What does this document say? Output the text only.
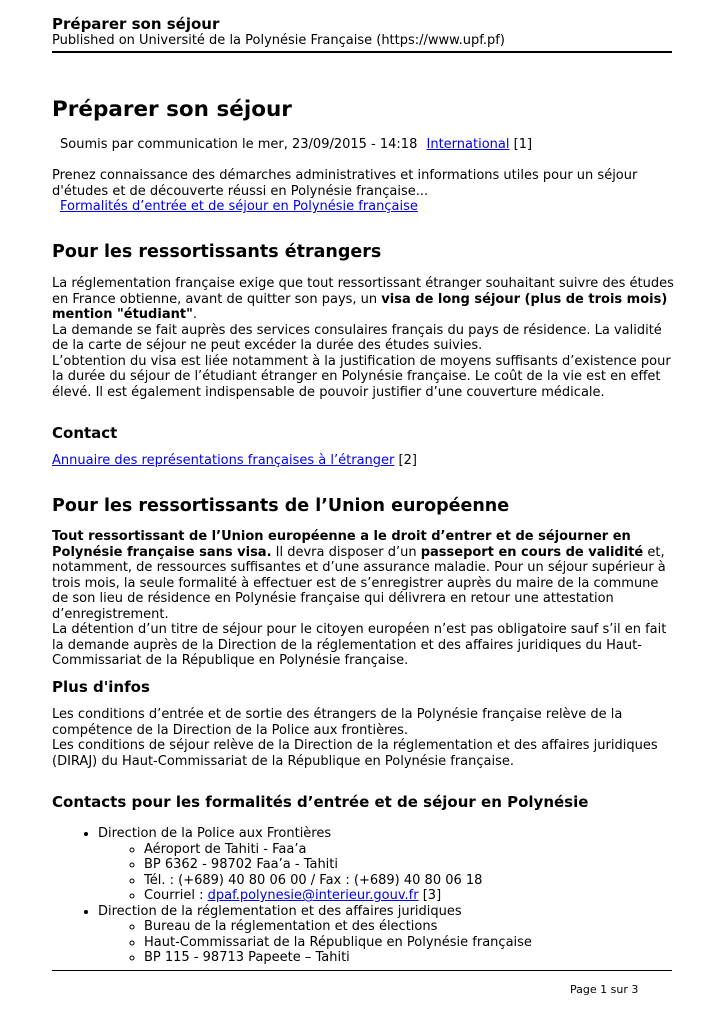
Préparer son séjour
Published on Université de la Polynésie Française (https://www.upf.pf)
Préparer son séjour
Soumis par communication le mer, 23/09/2015 - 14:18 International [1]

Prenez connaissance des démarches administratives et informations utiles pour un séjour d'études et de découverte réussi en Polynésie française...

Formalités d’entrée et de séjour en Polynésie française

Pour les ressortissants étrangers

La réglementation française exige que tout ressortissant étranger souhaitant suivre des études en France obtienne, avant de quitter son pays, un visa de long séjour (plus de trois mois) mention "étudiant".

La demande se fait auprès des services consulaires français du pays de résidence. La validité de la carte de séjour ne peut excéder la durée des études suivies.

L’obtention du visa est liée notamment à la justification de moyens suffisants d’existence pour la durée du séjour de l’étudiant étranger en Polynésie française. Le coût de la vie est en effet élevé. Il est également indispensable de pouvoir justifier d’une couverture médicale.

Contact
Annuaire des représentations françaises à l’étranger [2]
Pour les ressortissants de l’Union européenne

Tout ressortissant de l’Union européenne a le droit d’entrer et de séjourner en Polynésie française sans visa. Il devra disposer d’un passeport en cours de validité et, notamment, de ressources suffisantes et d’une assurance maladie. Pour un séjour supérieur à trois mois, la seule formalité à effectuer est de s’enregistrer auprès du maire de la commune de son lieu de résidence en Polynésie française qui délivrera en retour une attestation d’enregistrement.

La détention d’un titre de séjour pour le citoyen européen n’est pas obligatoire sauf s’il en fait la demande auprès de la Direction de la réglementation et des affaires juridiques du Haut-Commissariat de la République en Polynésie française.

Plus d'infos

Les conditions d’entrée et de sortie des étrangers de la Polynésie française relève de la compétence de la Direction de la Police aux frontières.

Les conditions de séjour relève de la Direction de la réglementation et des affaires juridiques (DIRAJ) du Haut-Commissariat de la République en Polynésie française.

Contacts pour les formalités d’entrée et de séjour en Polynésie
• Direction de la Police aux Frontières
◦ Aéroport de Tahiti - Faa’a
◦ BP 6362 - 98702 Faa’a - Tahiti
◦ Tél. : (+689) 40 80 06 00 / Fax : (+689) 40 80 06 18
◦ Courriel : dpaf.polynesie@interieur.gouv.fr [3]
• Direction de la réglementation et des affaires juridiques
◦ Bureau de la réglementation et des élections
◦ Haut-Commissariat de la République en Polynésie française
◦ BP 115 - 98713 Papeete – Tahiti
Page 1 sur 3
